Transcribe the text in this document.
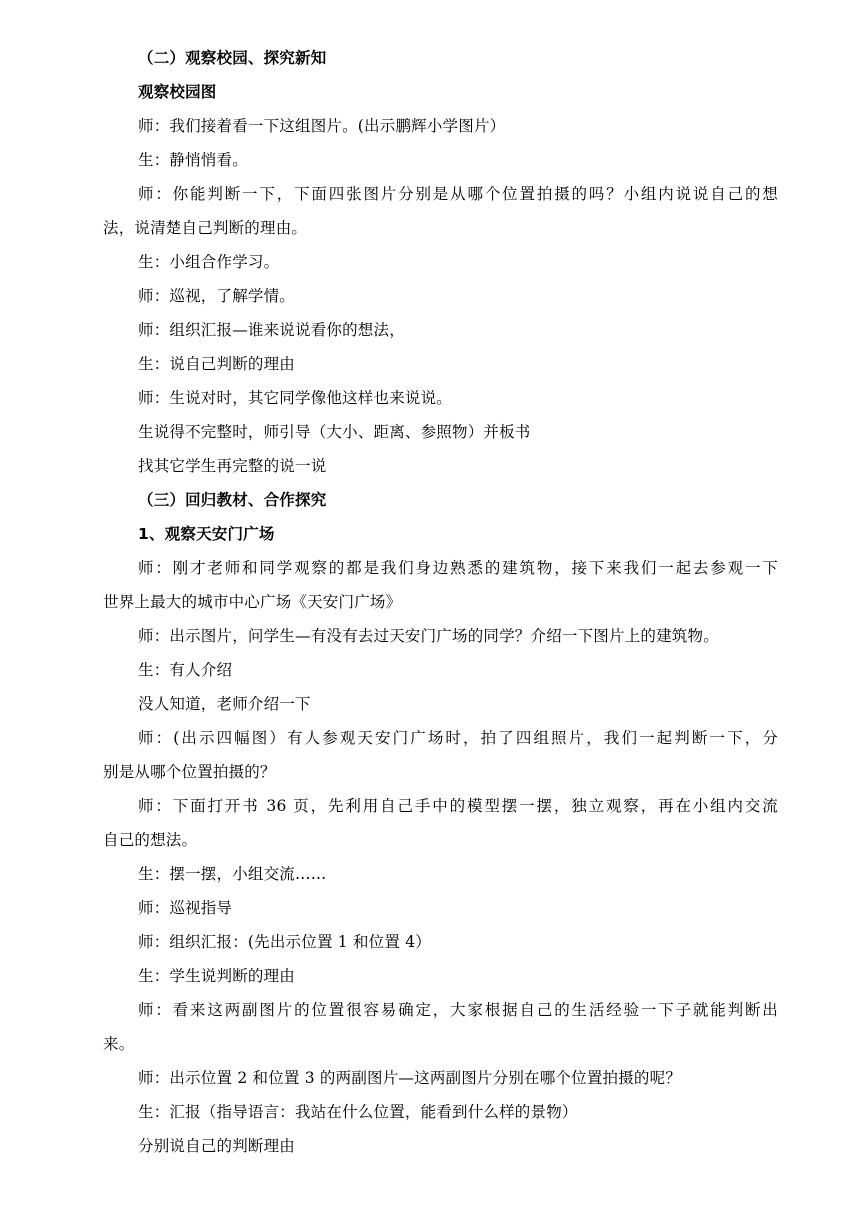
（二）观察校园、探究新知
观察校园图
师：我们接着看一下这组图片。(出示鹏辉小学图片）
生：静悄悄看。
师：你能判断一下，下面四张图片分别是从哪个位置拍摄的吗？小组内说说自己的想
法，说清楚自己判断的理由。
生：小组合作学习。
师：巡视，了解学情。
师：组织汇报—谁来说说看你的想法，
生：说自己判断的理由
师：生说对时，其它同学像他这样也来说说。
生说得不完整时，师引导（大小、距离、参照物）并板书
找其它学生再完整的说一说
（三）回归教材、合作探究
1、观察天安门广场
师：刚才老师和同学观察的都是我们身边熟悉的建筑物，接下来我们一起去参观一下
世界上最大的城市中心广场《天安门广场》
师：出示图片，问学生—有没有去过天安门广场的同学？介绍一下图片上的建筑物。
生：有人介绍
没人知道，老师介绍一下
师：(出示四幅图）有人参观天安门广场时，拍了四组照片，我们一起判断一下，分
别是从哪个位置拍摄的？
师：下面打开书 36 页，先利用自己手中的模型摆一摆，独立观察，再在小组内交流
自己的想法。
生：摆一摆，小组交流……
师：巡视指导
师：组织汇报：(先出示位置 1 和位置 4）
生：学生说判断的理由
师：看来这两副图片的位置很容易确定，大家根据自己的生活经验一下子就能判断出
来。
师：出示位置 2 和位置 3 的两副图片—这两副图片分别在哪个位置拍摄的呢？
生：汇报（指导语言：我站在什么位置，能看到什么样的景物）
分别说自己的判断理由
